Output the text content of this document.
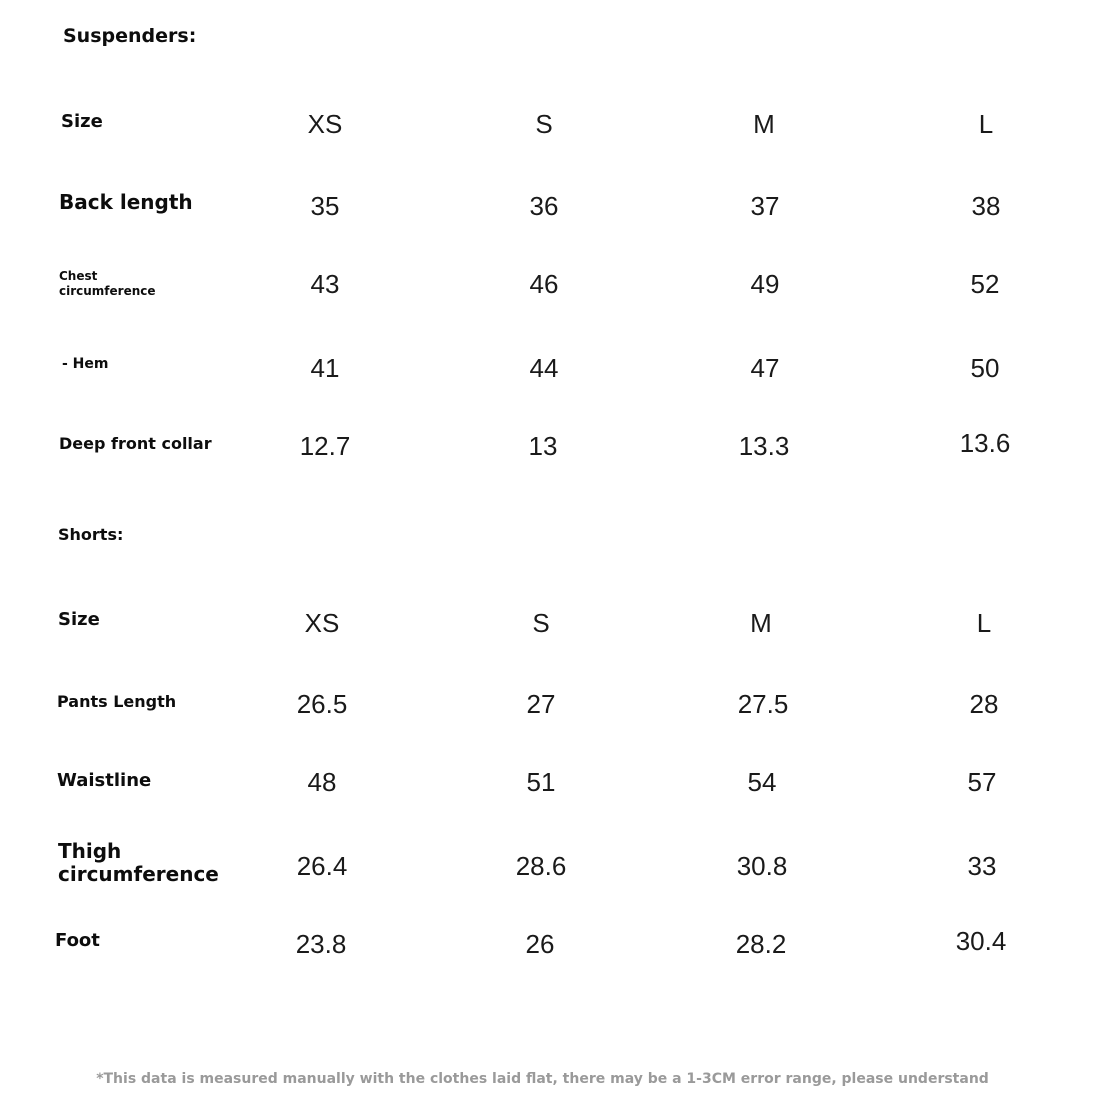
Suspenders:
Size	XS	S	M	L
Back length	35	36	37	38
Chest
circumference	43	46	49	52
- Hem	41	44	47	50
Deep front collar	12.7	13	13.3	13.6
Shorts:
Size	XS	S	M	L
Pants Length	26.5	27	27.5	28
Waistline	48	51	54	57
Thigh
circumference	26.4	28.6	30.8	33
Foot	23.8	26	28.2	30.4
*This data is measured manually with the clothes laid flat, there may be a 1-3CM error range, please understand
